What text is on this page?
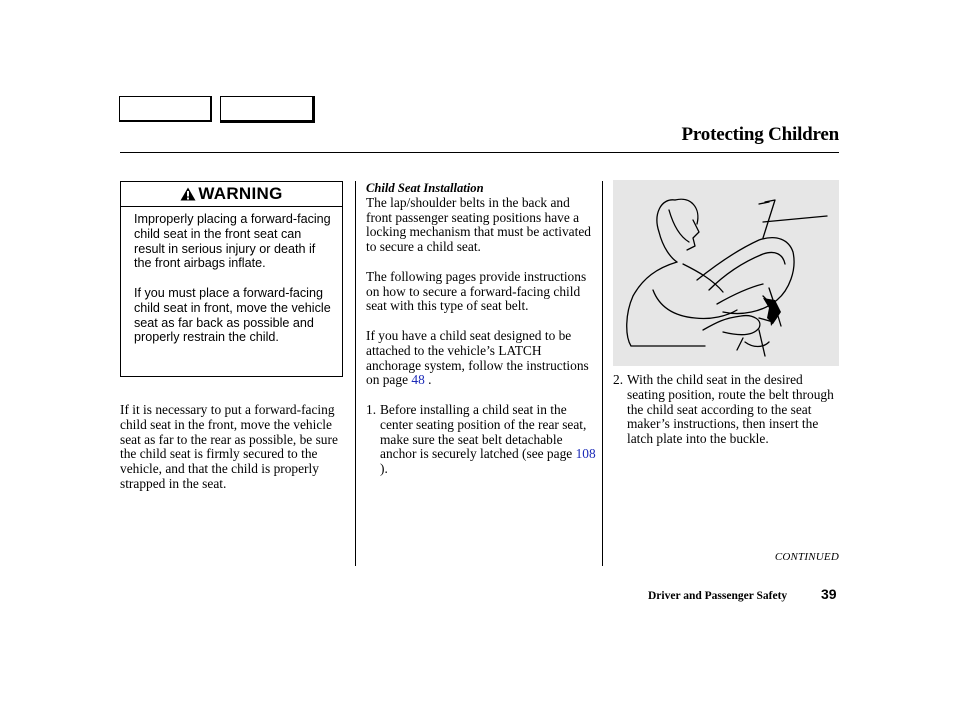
Protecting Children
WARNING

Improperly placing a forward-facing child seat in the front seat can result in serious injury or death if the front airbags inflate.

If you must place a forward-facing child seat in front, move the vehicle seat as far back as possible and properly restrain the child.

If it is necessary to put a forward-facing child seat in the front, move the vehicle seat as far to the rear as possible, be sure the child seat is firmly secured to the vehicle, and that the child is properly strapped in the seat.

Child Seat Installation

The lap/shoulder belts in the back and front passenger seating positions have a locking mechanism that must be activated to secure a child seat.

The following pages provide instructions on how to secure a forward-facing child seat with this type of seat belt.

If you have a child seat designed to be attached to the vehicle’s LATCH anchorage system, follow the instructions on page 48 .

1. Before installing a child seat in the center seating position of the rear seat, make sure the seat belt detachable anchor is securely latched (see page 108 ).
2. With the child seat in the desired seating position, route the belt through the child seat according to the seat maker’s instructions, then insert the latch plate into the buckle.
CONTINUED
Driver and Passenger Safety 39
